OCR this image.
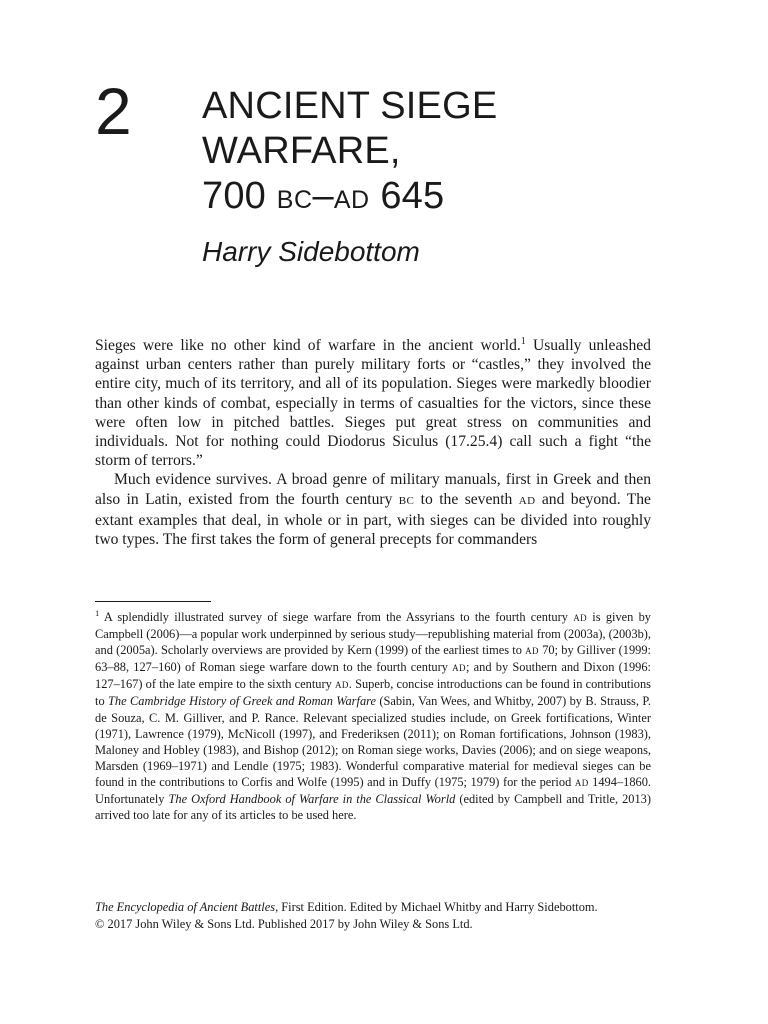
2 ANCIENT SIEGE
WARFARE,
700 BC–AD 645
Harry Sidebottom

Sieges were like no other kind of warfare in the ancient world.$^1$ Usually unleashed against urban centers rather than purely military forts or “castles,” they involved the entire city, much of its territory, and all of its population. Sieges were markedly bloodier than other kinds of combat, especially in terms of casualties for the victors, since these were often low in pitched battles. Sieges put great stress on communities and individuals. Not for nothing could Diodorus Siculus (17.25.4) call such a fight “the storm of terrors.”

Much evidence survives. A broad genre of military manuals, first in Greek and then also in Latin, existed from the fourth century BC to the seventh AD and beyond. The extant examples that deal, in whole or in part, with sieges can be divided into roughly two types. The first takes the form of general precepts for commanders

$^1$ A splendidly illustrated survey of siege warfare from the Assyrians to the fourth century AD is given by Campbell (2006)—a popular work underpinned by serious study—republishing material from (2003a), (2003b), and (2005a). Scholarly overviews are provided by Kern (1999) of the earliest times to AD 70; by Gilliver (1999: 63–88, 127–160) of Roman siege warfare down to the fourth century AD; and by Southern and Dixon (1996: 127–167) of the late empire to the sixth century AD. Superb, concise introductions can be found in contributions to The Cambridge History of Greek and Roman Warfare (Sabin, Van Wees, and Whitby, 2007) by B. Strauss, P. de Souza, C. M. Gilliver, and P. Rance. Relevant specialized studies include, on Greek fortifications, Winter (1971), Lawrence (1979), McNicoll (1997), and Frederiksen (2011); on Roman fortifications, Johnson (1983), Maloney and Hobley (1983), and Bishop (2012); on Roman siege works, Davies (2006); and on siege weapons, Marsden (1969–1971) and Lendle (1975; 1983). Wonderful comparative material for medieval sieges can be found in the contributions to Corfis and Wolfe (1995) and in Duffy (1975; 1979) for the period AD 1494–1860. Unfortunately The Oxford Handbook of Warfare in the Classical World (edited by Campbell and Tritle, 2013) arrived too late for any of its articles to be used here.

The Encyclopedia of Ancient Battles, First Edition. Edited by Michael Whitby and Harry Sidebottom.

© 2017 John Wiley & Sons Ltd. Published 2017 by John Wiley & Sons Ltd.
